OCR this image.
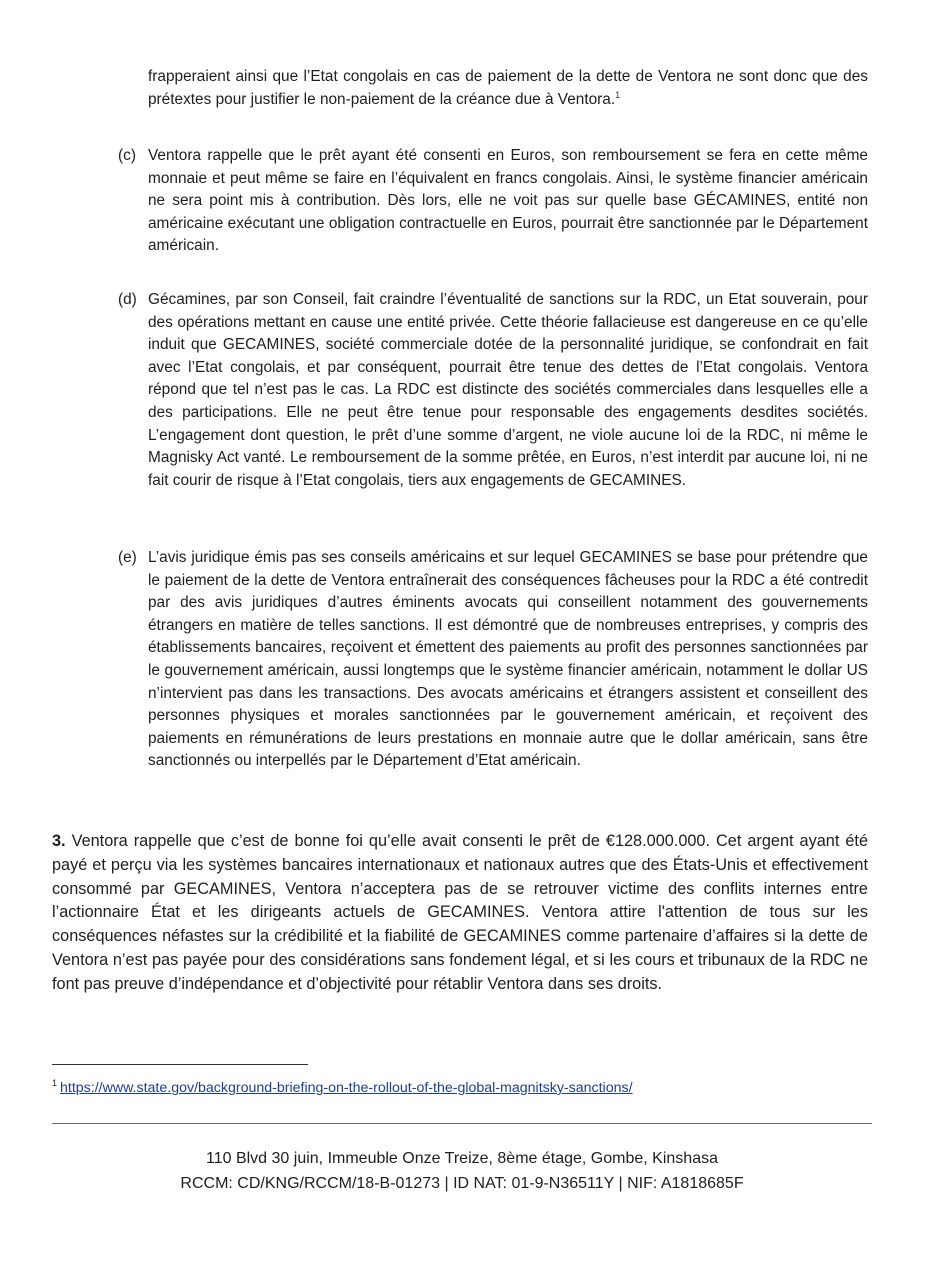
frapperaient ainsi que l’Etat congolais en cas de paiement de la dette de Ventora ne sont donc que des prétextes pour justifier le non-paiement de la créance due à Ventora.$^1$

(c) Ventora rappelle que le prêt ayant été consenti en Euros, son remboursement se fera en cette même monnaie et peut même se faire en l’équivalent en francs congolais. Ainsi, le système financier américain ne sera point mis à contribution. Dès lors, elle ne voit pas sur quelle base GÉCAMINES, entité non américaine exécutant une obligation contractuelle en Euros, pourrait être sanctionnée par le Département américain.
(d) Gécamines, par son Conseil, fait craindre l’éventualité de sanctions sur la RDC, un Etat souverain, pour des opérations mettant en cause une entité privée. Cette théorie fallacieuse est dangereuse en ce qu’elle induit que GECAMINES, société commerciale dotée de la personnalité juridique, se confondrait en fait avec l’Etat congolais, et par conséquent, pourrait être tenue des dettes de l’Etat congolais. Ventora répond que tel n’est pas le cas. La RDC est distincte des sociétés commerciales dans lesquelles elle a des participations. Elle ne peut être tenue pour responsable des engagements desdites sociétés. L’engagement dont question, le prêt d’une somme d’argent, ne viole aucune loi de la RDC, ni même le Magnisky Act vanté. Le remboursement de la somme prêtée, en Euros, n’est interdit par aucune loi, ni ne fait courir de risque à l’Etat congolais, tiers aux engagements de GECAMINES.
(e) L’avis juridique émis pas ses conseils américains et sur lequel GECAMINES se base pour prétendre que le paiement de la dette de Ventora entraînerait des conséquences fâcheuses pour la RDC a été contredit par des avis juridiques d’autres éminents avocats qui conseillent notamment des gouvernements étrangers en matière de telles sanctions. Il est démontré que de nombreuses entreprises, y compris des établissements bancaires, reçoivent et émettent des paiements au profit des personnes sanctionnées par le gouvernement américain, aussi longtemps que le système financier américain, notamment le dollar US n’intervient pas dans les transactions. Des avocats américains et étrangers assistent et conseillent des personnes physiques et morales sanctionnées par le gouvernement américain, et reçoivent des paiements en rémunérations de leurs prestations en monnaie autre que le dollar américain, sans être sanctionnés ou interpellés par le Département d’Etat américain.

3. Ventora rappelle que c’est de bonne foi qu’elle avait consenti le prêt de €128.000.000. Cet argent ayant été payé et perçu via les systèmes bancaires internationaux et nationaux autres que des États-Unis et effectivement consommé par GECAMINES, Ventora n’acceptera pas de se retrouver victime des conflits internes entre l’actionnaire État et les dirigeants actuels de GECAMINES. Ventora attire l'attention de tous sur les conséquences néfastes sur la crédibilité et la fiabilité de GECAMINES comme partenaire d’affaires si la dette de Ventora n’est pas payée pour des considérations sans fondement légal, et si les cours et tribunaux de la RDC ne font pas preuve d’indépendance et d’objectivité pour rétablir Ventora dans ses droits.

$^1$ https://www.state.gov/background-briefing-on-the-rollout-of-the-global-magnitsky-sanctions/

110 Blvd 30 juin, Immeuble Onze Treize, 8ème étage, Gombe, Kinshasa
RCCM: CD/KNG/RCCM/18-B-01273 | ID NAT: 01-9-N36511Y | NIF: A1818685F
